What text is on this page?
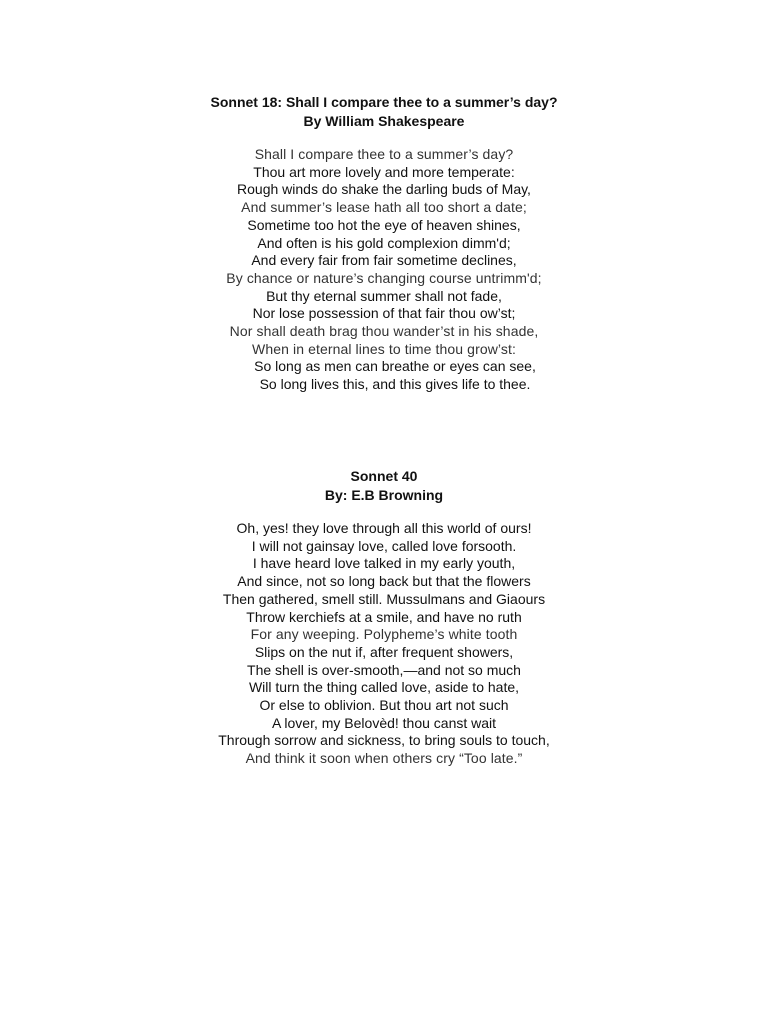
Sonnet 18: Shall I compare thee to a summer’s day?
By William Shakespeare
Shall I compare thee to a summer’s day?
Thou art more lovely and more temperate:
Rough winds do shake the darling buds of May,
And summer’s lease hath all too short a date;
Sometime too hot the eye of heaven shines,
And often is his gold complexion dimm'd;
And every fair from fair sometime declines,
By chance or nature’s changing course untrimm'd;
But thy eternal summer shall not fade,
Nor lose possession of that fair thou ow’st;
Nor shall death brag thou wander’st in his shade,
When in eternal lines to time thou grow’st:
So long as men can breathe or eyes can see,
So long lives this, and this gives life to thee.
Sonnet 40
By: E.B Browning
Oh, yes! they love through all this world of ours!
I will not gainsay love, called love forsooth.
I have heard love talked in my early youth,
And since, not so long back but that the flowers
Then gathered, smell still. Mussulmans and Giaours
Throw kerchiefs at a smile, and have no ruth
For any weeping. Polypheme’s white tooth
Slips on the nut if, after frequent showers,
The shell is over-smooth,—and not so much
Will turn the thing called love, aside to hate,
Or else to oblivion. But thou art not such
A lover, my Belovèd! thou canst wait
Through sorrow and sickness, to bring souls to touch,
And think it soon when others cry “Too late.”
